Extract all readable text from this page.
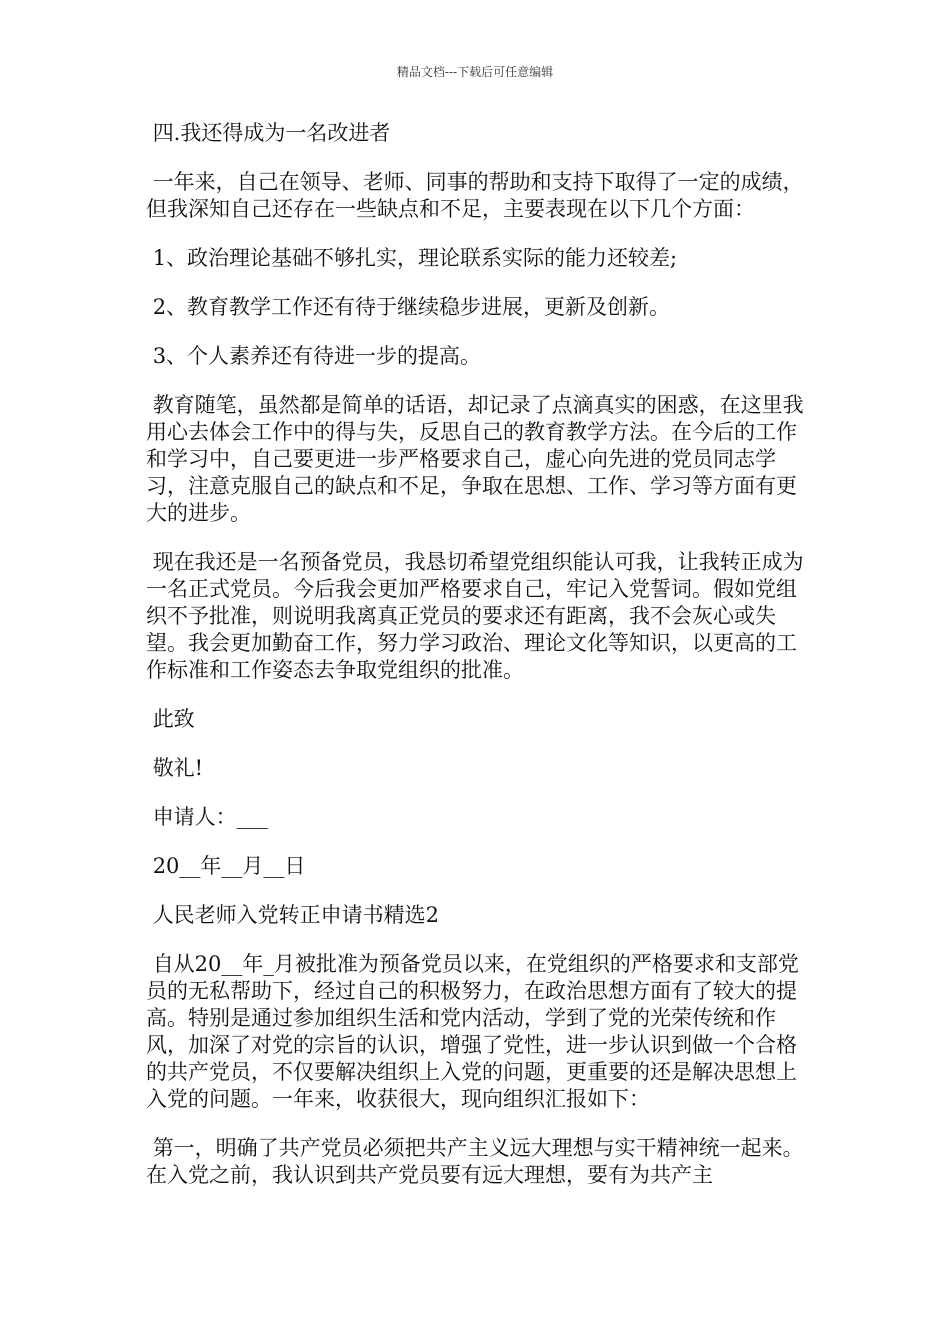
精品文档---下载后可任意编辑

四.我还得成为一名改进者

一年来，自己在领导、老师、同事的帮助和支持下取得了一定的成绩，但我深知自己还存在一些缺点和不足，主要表现在以下几个方面：

1、政治理论基础不够扎实，理论联系实际的能力还较差;

2、教育教学工作还有待于继续稳步进展，更新及创新。

3、个人素养还有待进一步的提高。

教育随笔，虽然都是简单的话语，却记录了点滴真实的困惑，在这里我用心去体会工作中的得与失，反思自己的教育教学方法。在今后的工作和学习中，自己要更进一步严格要求自己，虚心向先进的党员同志学习，注意克服自己的缺点和不足，争取在思想、工作、学习等方面有更大的进步。

现在我还是一名预备党员，我恳切希望党组织能认可我，让我转正成为一名正式党员。今后我会更加严格要求自己，牢记入党誓词。假如党组织不予批准，则说明我离真正党员的要求还有距离，我不会灰心或失望。我会更加勤奋工作，努力学习政治、理论文化等知识，以更高的工作标准和工作姿态去争取党组织的批准。

此致

敬礼!

申请人：___

20__年__月__日

人民老师入党转正申请书精选2

自从20__年_月被批准为预备党员以来，在党组织的严格要求和支部党员的无私帮助下，经过自己的积极努力，在政治思想方面有了较大的提高。特别是通过参加组织生活和党内活动，学到了党的光荣传统和作风，加深了对党的宗旨的认识，增强了党性，进一步认识到做一个合格的共产党员，不仅要解决组织上入党的问题，更重要的还是解决思想上入党的问题。一年来，收获很大，现向组织汇报如下：

第一，明确了共产党员必须把共产主义远大理想与实干精神统一起来。在入党之前，我认识到共产党员要有远大理想，要有为共产主
